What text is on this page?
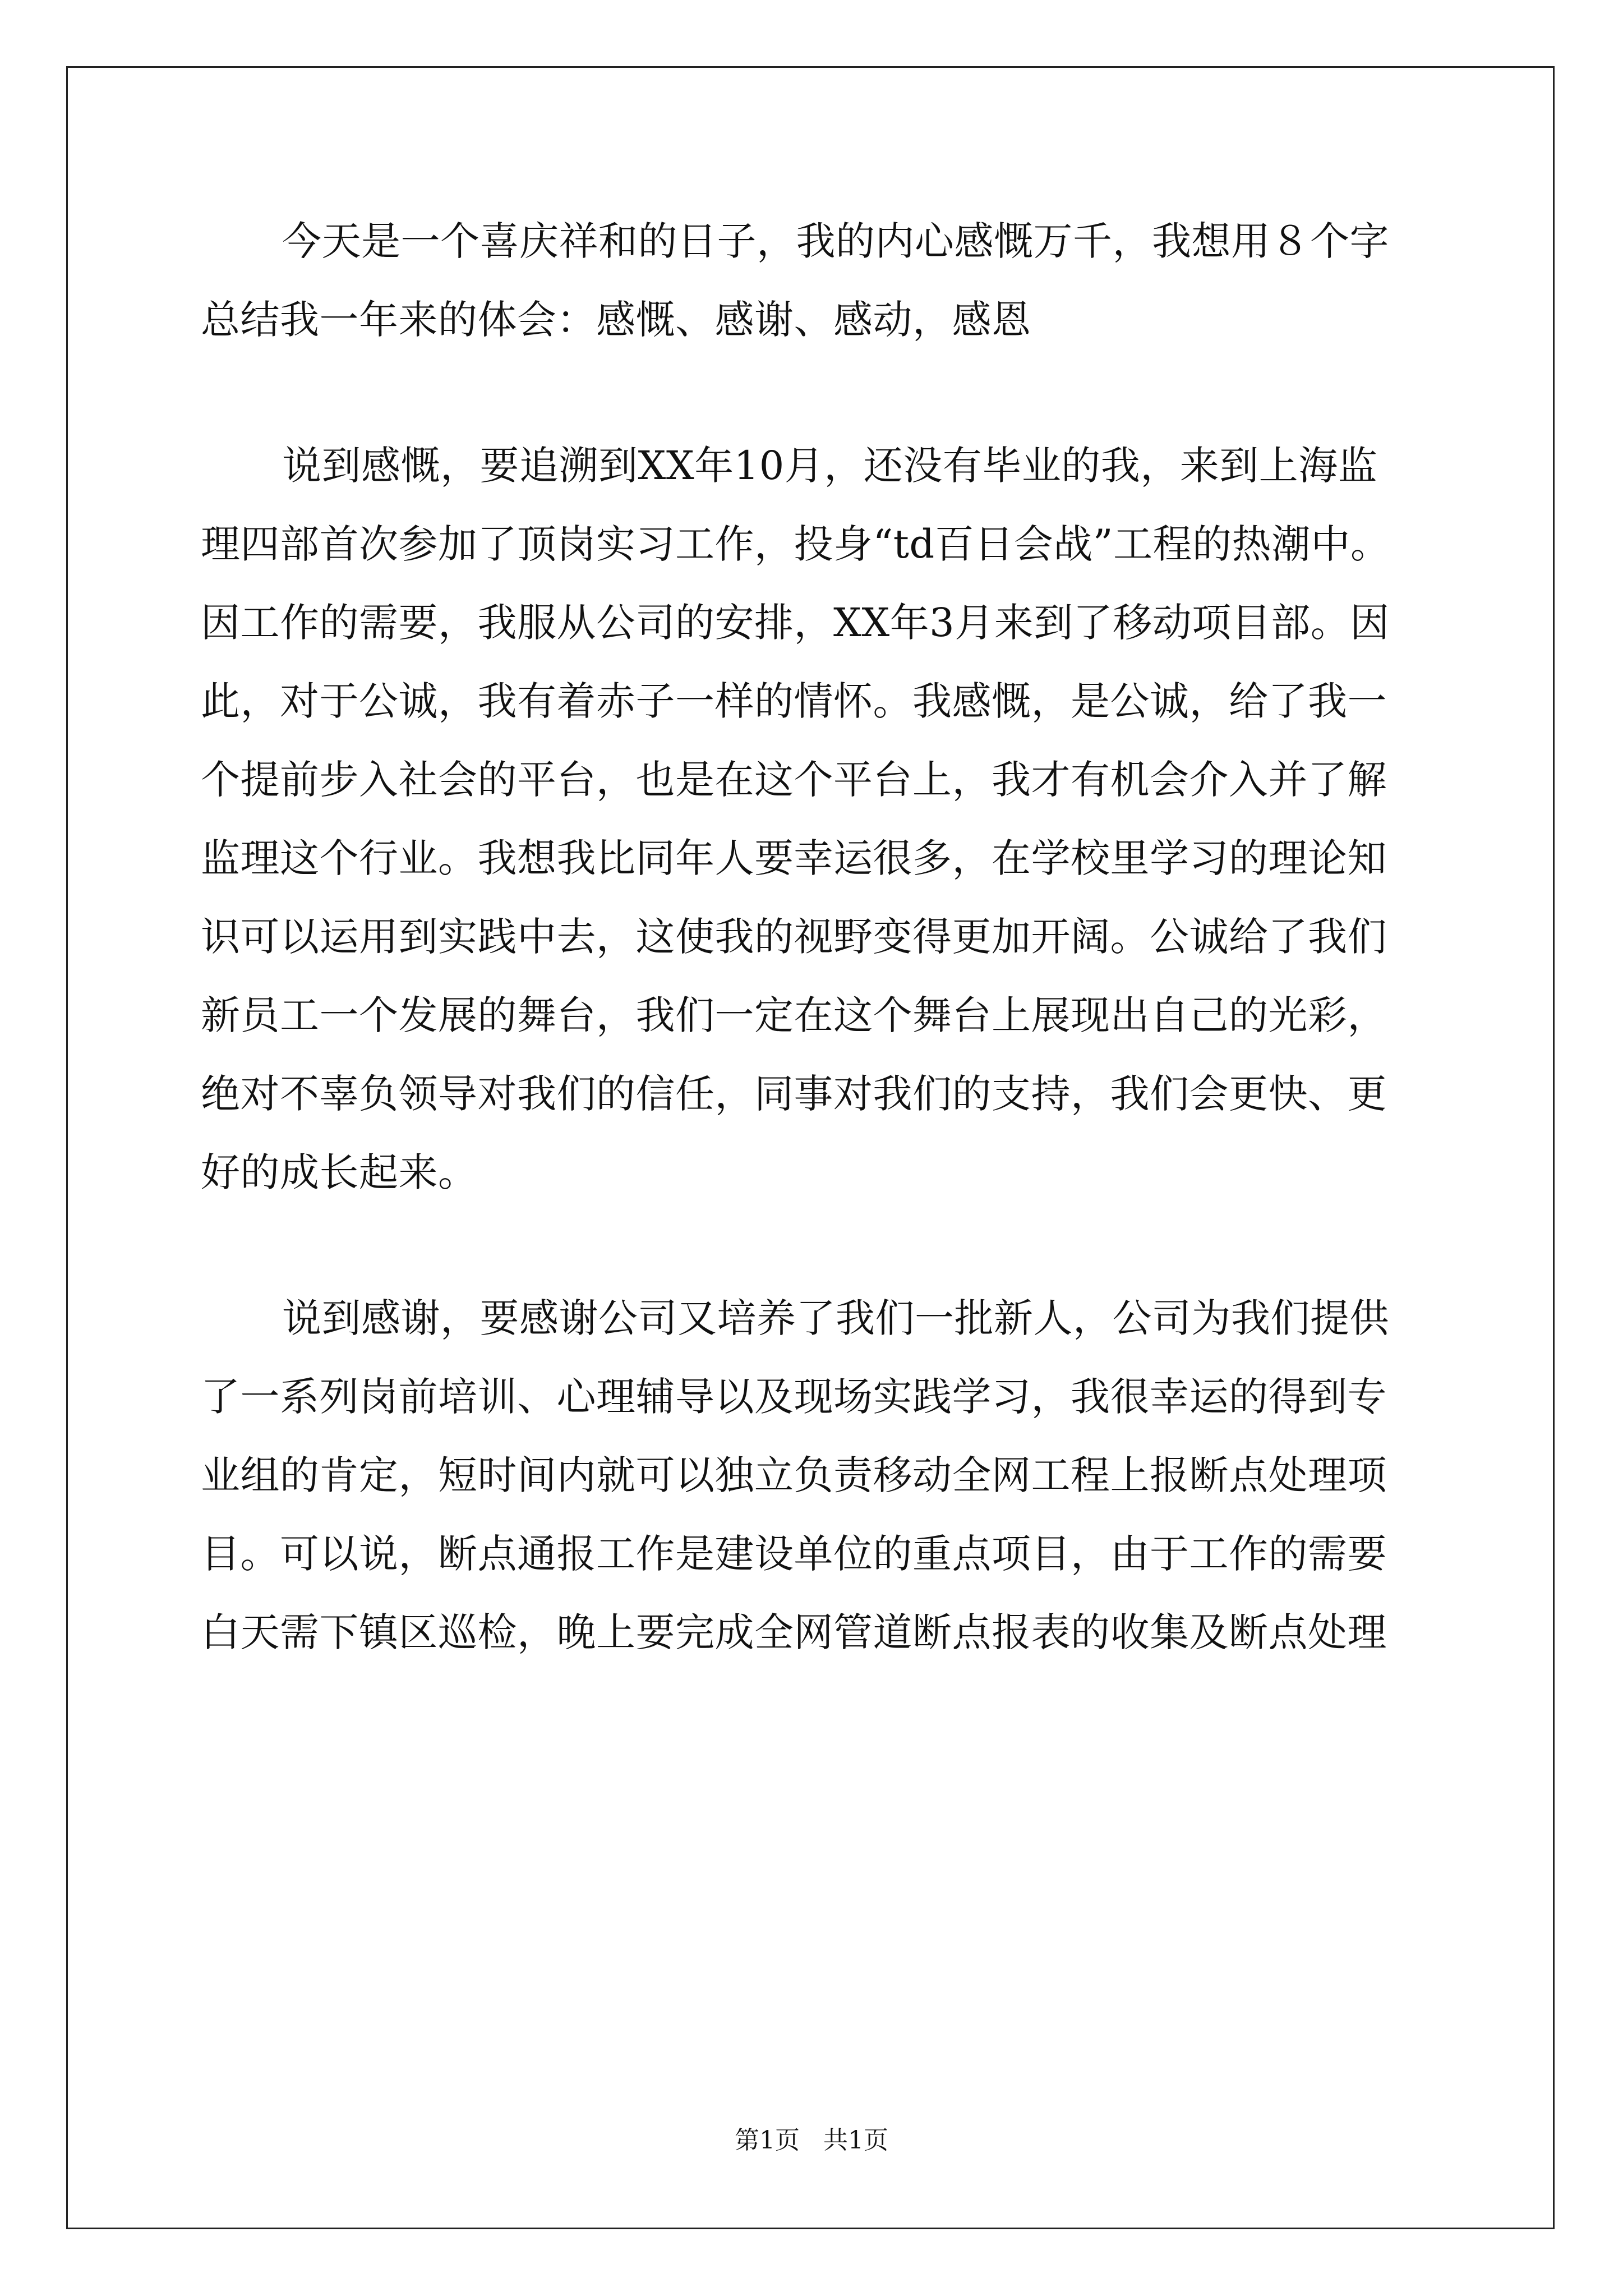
今天是一个喜庆祥和的日子，我的内心感慨万千，我想用８个字
总结我一年来的体会：感慨、感谢、感动，感恩
说到感慨，要追溯到XX年10月，还没有毕业的我，来到上海监
理四部首次参加了顶岗实习工作，投身“td百日会战”工程的热潮中。
因工作的需要，我服从公司的安排，XX年3月来到了移动项目部。因
此，对于公诚，我有着赤子一样的情怀。我感慨，是公诚，给了我一
个提前步入社会的平台，也是在这个平台上，我才有机会介入并了解
监理这个行业。我想我比同年人要幸运很多，在学校里学习的理论知
识可以运用到实践中去，这使我的视野变得更加开阔。公诚给了我们
新员工一个发展的舞台，我们一定在这个舞台上展现出自己的光彩，
绝对不辜负领导对我们的信任，同事对我们的支持，我们会更快、更
好的成长起来。
说到感谢，要感谢公司又培养了我们一批新人，公司为我们提供
了一系列岗前培训、心理辅导以及现场实践学习，我很幸运的得到专
业组的肯定，短时间内就可以独立负责移动全网工程上报断点处理项
目。可以说，断点通报工作是建设单位的重点项目，由于工作的需要
白天需下镇区巡检，晚上要完成全网管道断点报表的收集及断点处理
第1页   共1页
